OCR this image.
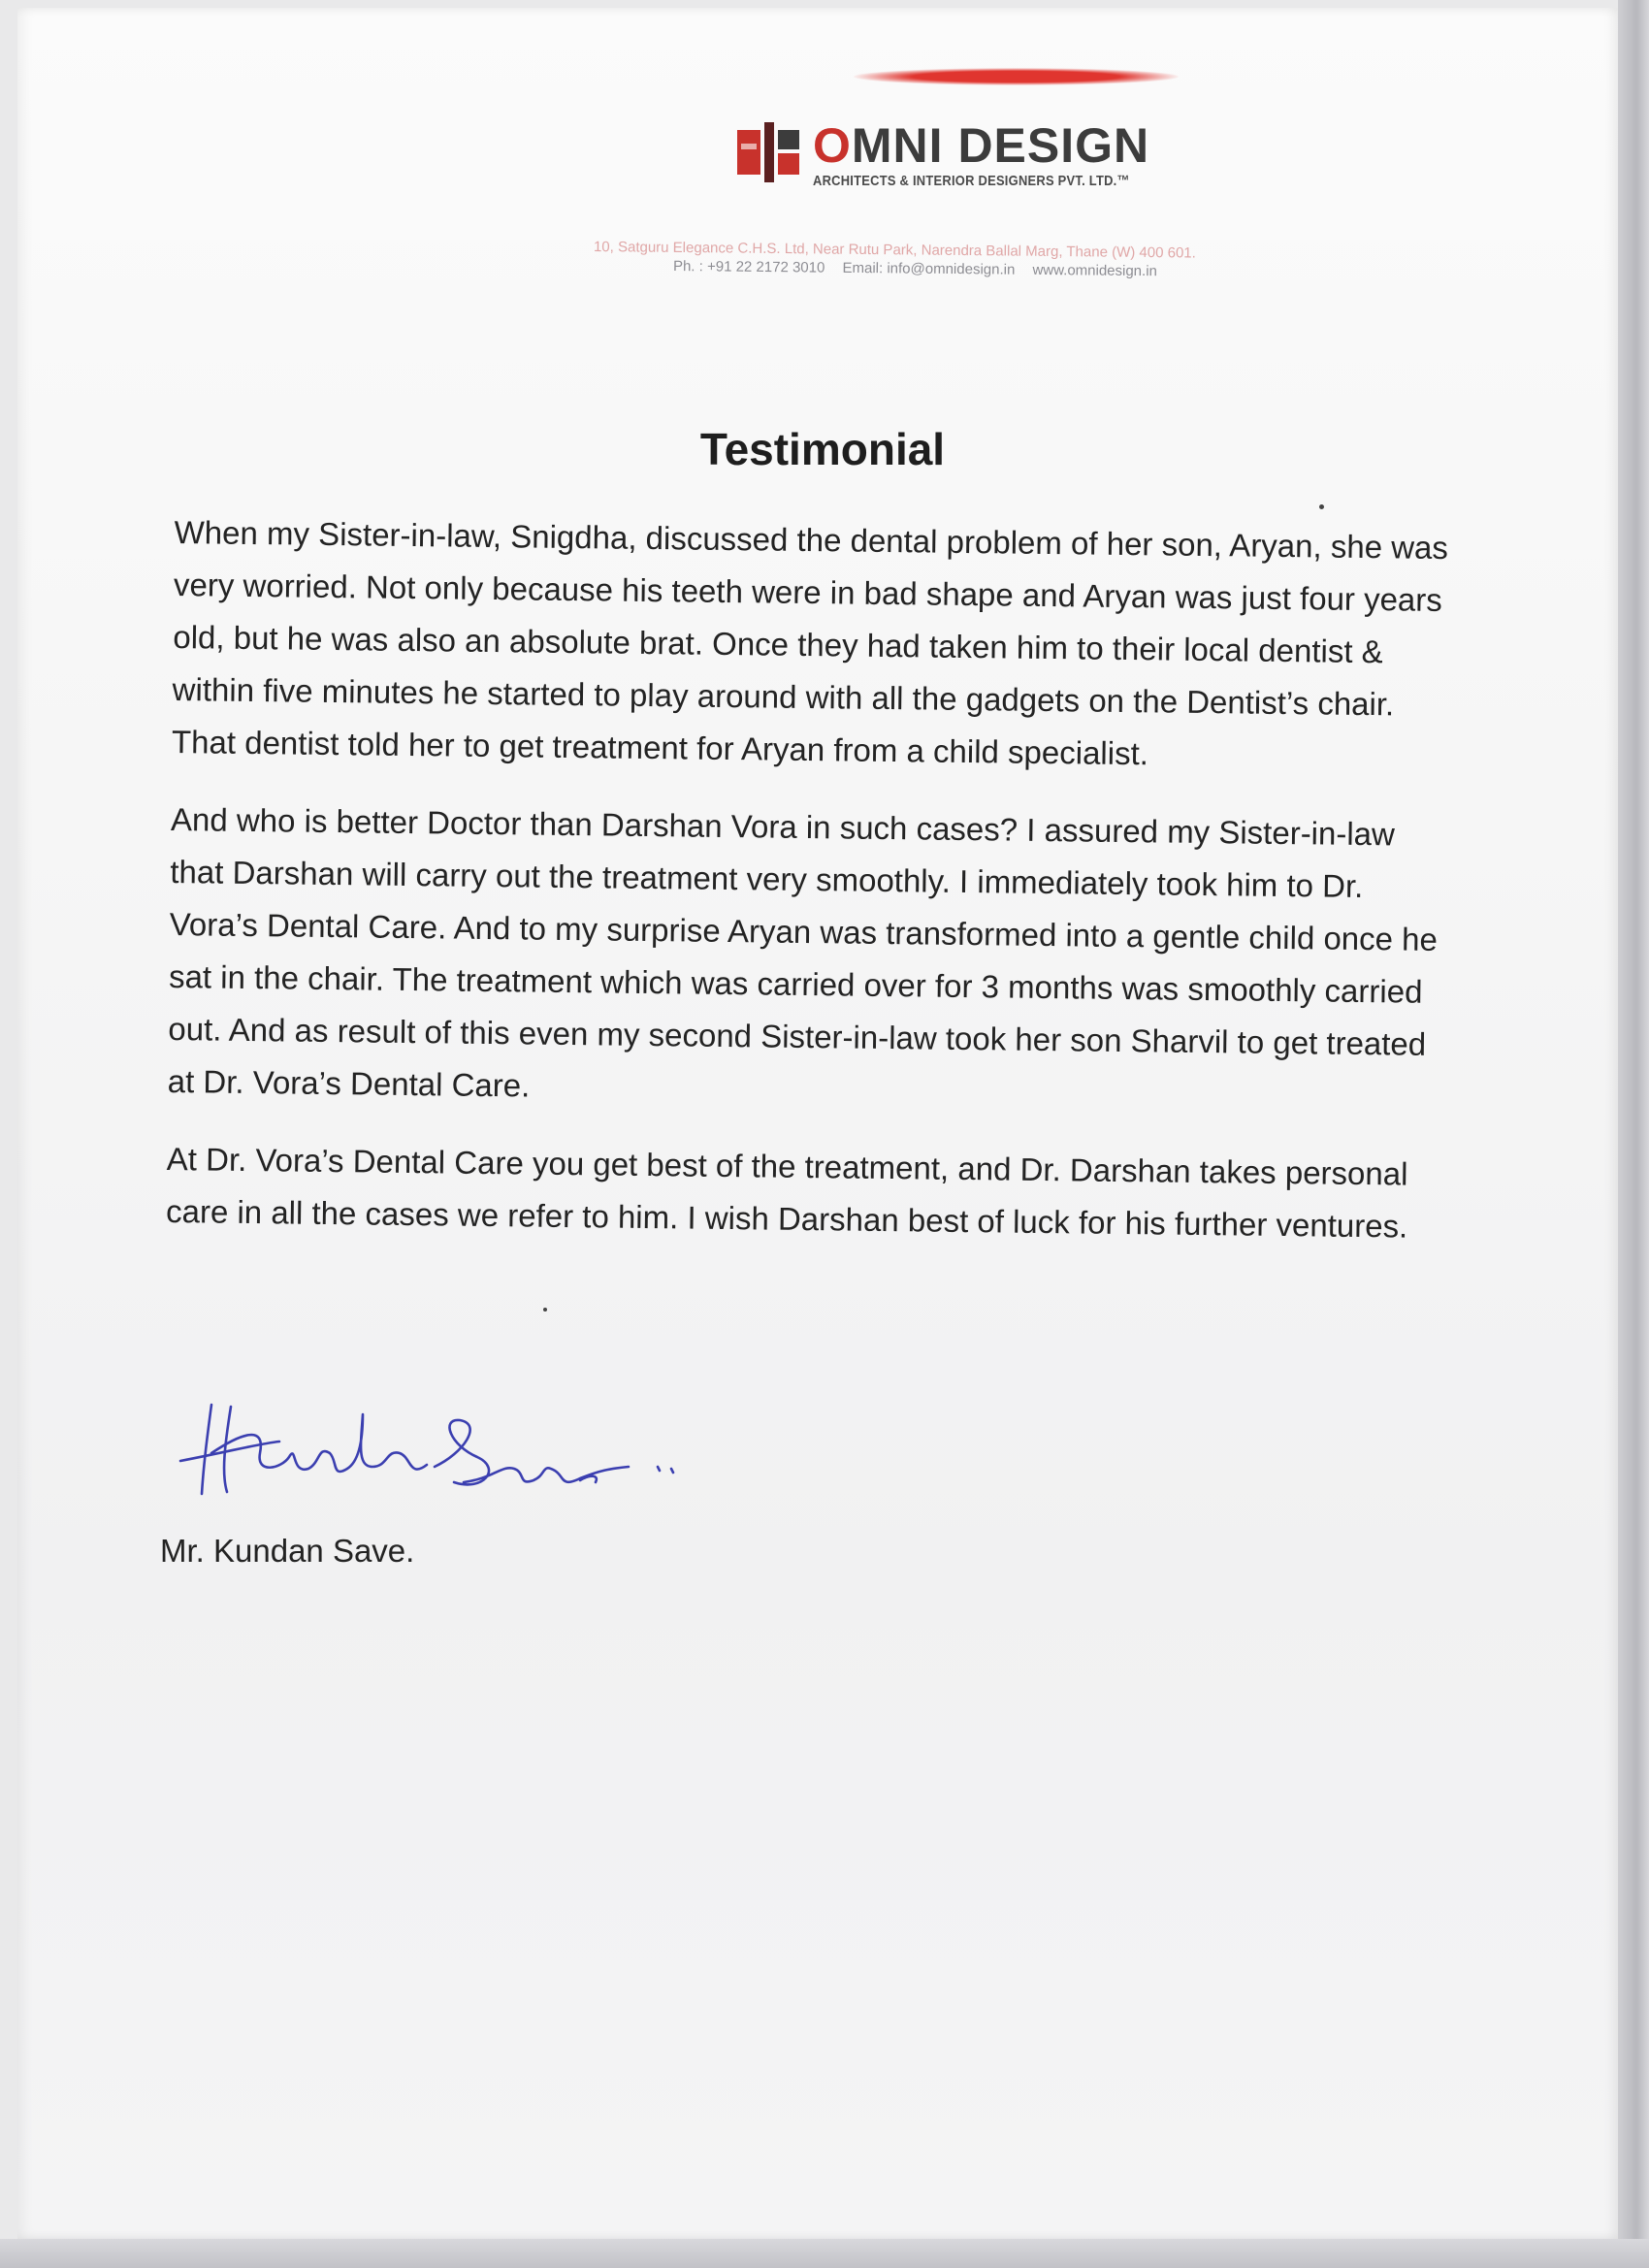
OMNI DESIGN
ARCHITECTS & INTERIOR DESIGNERS PVT. LTD.™
10, Satguru Elegance C.H.S. Ltd, Near Rutu Park, Narendra Ballal Marg, Thane (W) 400 601.
Ph. : +91 22 2172 3010 Email: info@omnidesign.in www.omnidesign.in
Testimonial

When my Sister-in-law, Snigdha, discussed the dental problem of her son, Aryan, she was very worried. Not only because his teeth were in bad shape and Aryan was just four years old, but he was also an absolute brat. Once they had taken him to their local dentist & within five minutes he started to play around with all the gadgets on the Dentist’s chair. That dentist told her to get treatment for Aryan from a child specialist.

And who is better Doctor than Darshan Vora in such cases? I assured my Sister-in-law that Darshan will carry out the treatment very smoothly. I immediately took him to Dr. Vora’s Dental Care. And to my surprise Aryan was transformed into a gentle child once he sat in the chair. The treatment which was carried over for 3 months was smoothly carried out. And as result of this even my second Sister-in-law took her son Sharvil to get treated at Dr. Vora’s Dental Care.

At Dr. Vora’s Dental Care you get best of the treatment, and Dr. Darshan takes personal care in all the cases we refer to him. I wish Darshan best of luck for his further ventures.

Mr. Kundan Save.
